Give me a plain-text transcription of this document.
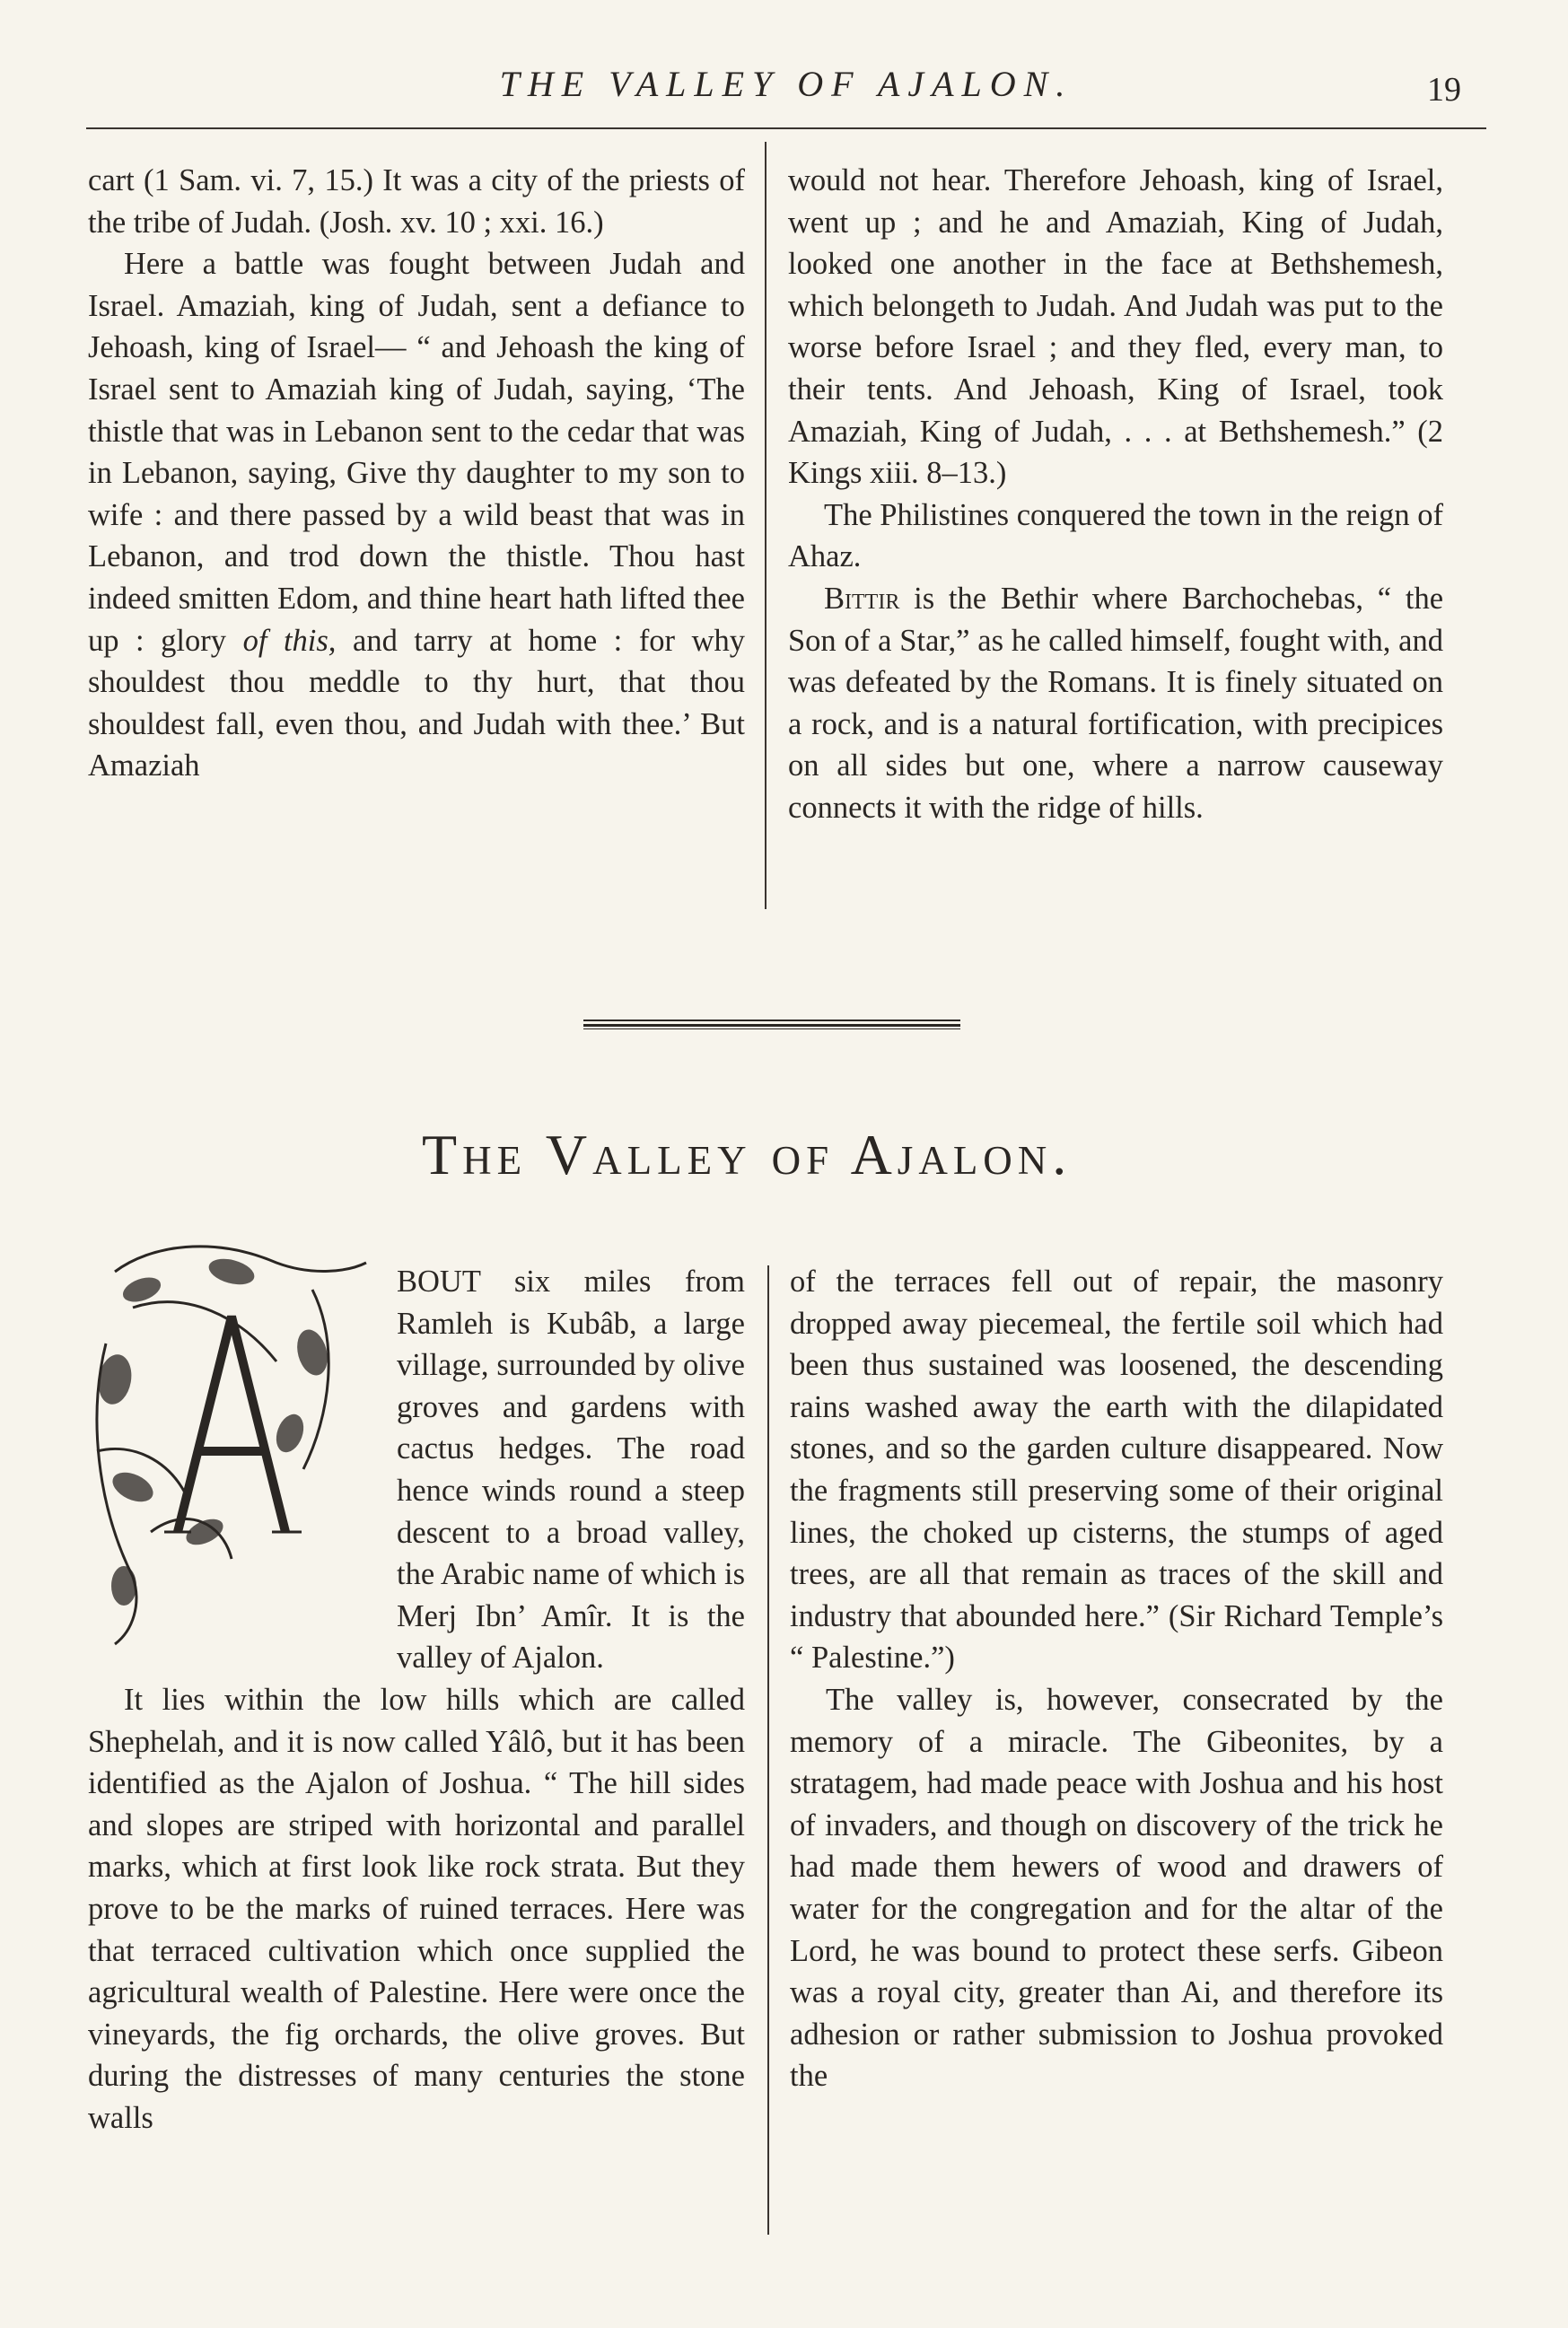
THE VALLEY OF AJALON.	19

cart (1 Sam. vi. 7, 15.) It was a city of the priests of the tribe of Judah. (Josh. xv. 10 ; xxi. 16.)

Here a battle was fought between Judah and Israel. Amaziah, king of Judah, sent a defiance to Jehoash, king of Israel— “ and Jehoash the king of Israel sent to Amaziah king of Judah, saying, ‘The thistle that was in Lebanon sent to the cedar that was in Lebanon, saying, Give thy daughter to my son to wife : and there passed by a wild beast that was in Lebanon, and trod down the thistle. Thou hast indeed smitten Edom, and thine heart hath lifted thee up : glory of this, and tarry at home : for why shouldest thou meddle to thy hurt, that thou shouldest fall, even thou, and Judah with thee.’ But Amaziah

would not hear. Therefore Jehoash, king of Israel, went up ; and he and Amaziah, King of Judah, looked one another in the face at Bethshemesh, which belongeth to Judah. And Judah was put to the worse before Israel ; and they fled, every man, to their tents. And Jehoash, King of Israel, took Amaziah, King of Judah, . . . at Bethshemesh.” (2 Kings xiii. 8–13.)

The Philistines conquered the town in the reign of Ahaz.

Bittir is the Bethir where Barchochebas, “ the Son of a Star,” as he called himself, fought with, and was defeated by the Romans. It is finely situated on a rock, and is a natural fortification, with precipices on all sides but one, where a narrow causeway connects it with the ridge of hills.

The Valley of Ajalon.

BOUT six miles from Ramleh is Kubâb, a large village, surrounded by olive groves and gardens with cactus hedges. The road hence winds round a steep descent to a broad valley, the Arabic name of which is Merj Ibn’ Amîr. It is the valley of Ajalon.

It lies within the low hills which are called Shephelah, and it is now called Yâlô, but it has been identified as the Ajalon of Joshua. “ The hill sides and slopes are striped with horizontal and parallel marks, which at first look like rock strata. But they prove to be the marks of ruined terraces. Here was that terraced cultivation which once supplied the agricultural wealth of Palestine. Here were once the vineyards, the fig orchards, the olive groves. But during the distresses of many centuries the stone walls

of the terraces fell out of repair, the masonry dropped away piecemeal, the fertile soil which had been thus sustained was loosened, the descending rains washed away the earth with the dilapidated stones, and so the garden culture disappeared. Now the fragments still preserving some of their original lines, the choked up cisterns, the stumps of aged trees, are all that remain as traces of the skill and industry that abounded here.” (Sir Richard Temple’s “ Palestine.”)

The valley is, however, consecrated by the memory of a miracle. The Gibeonites, by a stratagem, had made peace with Joshua and his host of invaders, and though on discovery of the trick he had made them hewers of wood and drawers of water for the congregation and for the altar of the Lord, he was bound to protect these serfs. Gibeon was a royal city, greater than Ai, and therefore its adhesion or rather submission to Joshua provoked the
